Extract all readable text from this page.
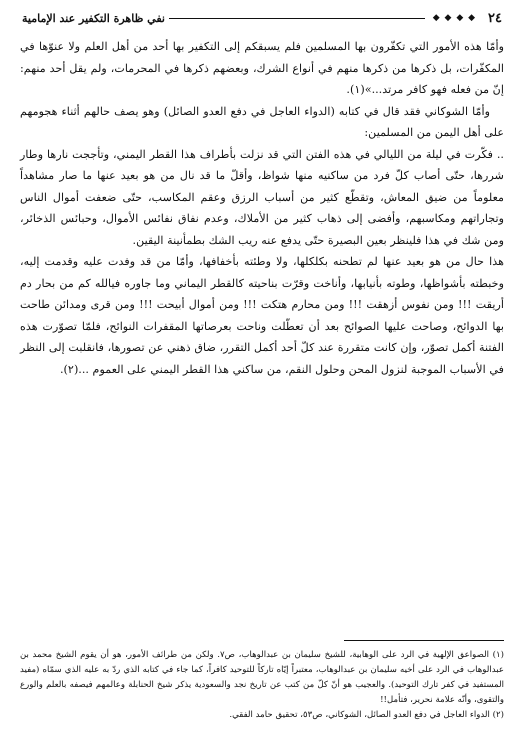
٢٤
◆ ◆ ◆ ◆
نفي ظاهرة التكفير عند الإمامية

وأمّا هذه الأمور التي تكفّرون بها المسلمين فلم يسبقكم إلى التكفير بها أحد من أهل العلم ولا عنوّها في المكفّرات، بل ذكرها من ذكرها منهم في أنواع الشرك، وبعضهم ذكرها في المحرمات، ولم يقل أحد منهم: إنّ من فعله فهو كافر مرتد...»(١).

وأمّا الشوكاني فقد قال في كتابه (الدواء العاجل في دفع العدو الصائل) وهو يصف حالهم أثناء هجومهم على أهل اليمن من المسلمين:

.. فكّرت في ليلة من الليالي في هذه الفتن التي قد نزلت بأطراف هذا القطر اليمني، وتأججت نارها وطار شررها، حتّى أصاب كلّ فرد من ساكنيه منها شواظ، وأقلّ ما قد نال من هو بعيد عنها ما صار مشاهداً معلوماً من ضيق المعاش، وتقطّع كثير من أسباب الرزق وعقم المكاسب، حتّى ضعفت أموال الناس وتجاراتهم ومكاسبهم، وأفضى إلى ذهاب كثير من الأملاك، وعدم نفاق نفائس الأموال، وحبائس الذخائر، ومن شك في هذا فلينظر بعين البصيرة حتّى يدفع عنه ريب الشك بطمأنينة اليقين.

هذا حال من هو بعيد عنها لم تطحنه بكلكلها، ولا وطئته بأخفافها، وأمّا من قد وفدت عليه وقدمت إليه، وخبطته بأشواظها، وطوته بأنيابها، وأناخت وقرّت بناحيته كالقطر اليماني وما جاوره فيالله كم من بحار دم أريقت !!! ومن نفوس أزهقت !!! ومن محارم هتكت !!! ومن أموال أبيحت !!! ومن قرى ومدائن طاحت بها الدوائح، وصاحت عليها الصوائح بعد أن تعطّلت وناحت بعرصاتها المقفرات النوائح، فلمّا تصوّرت هذه الفتنة أكمل تصوّر، وإن كانت متقررة عند كلّ أحد أكمل التقرر، ضاق ذهني عن تصورها، فانقلبت إلى النظر في الأسباب الموجبة لنزول المحن وحلول النقم، من ساكني هذا القطر اليمني على العموم ...(٢).

(١) الصواعق الإلهية في الرد على الوهابية، للشيخ سليمان بن عبدالوهاب، ص٧. ولكن من طرائف الأمور، هو أن يقوم الشيخ محمد بن عبدالوهاب في الرد على أخيه سليمان بن عبدالوهاب، معتبراً إيّاه تاركاً للتوحيد كافراً، كما جاء في كتابه الذي ردّ به عليه الذي سمّاه (مفيد المستفيد في كفر تارك التوحيد). والعجيب هو أنّ كلّ من كتب عن تاريخ نجد والسعودية يذكر شيخ الحنابلة وعالمهم فيصفه بالعلم والورع والتقوى، وأنّه علامة نحرير، فتأمل!!

(٢) الدواء العاجل في دفع العدو الصائل، الشوكاني، ص٥٣، تحقيق حامد الفقي.
